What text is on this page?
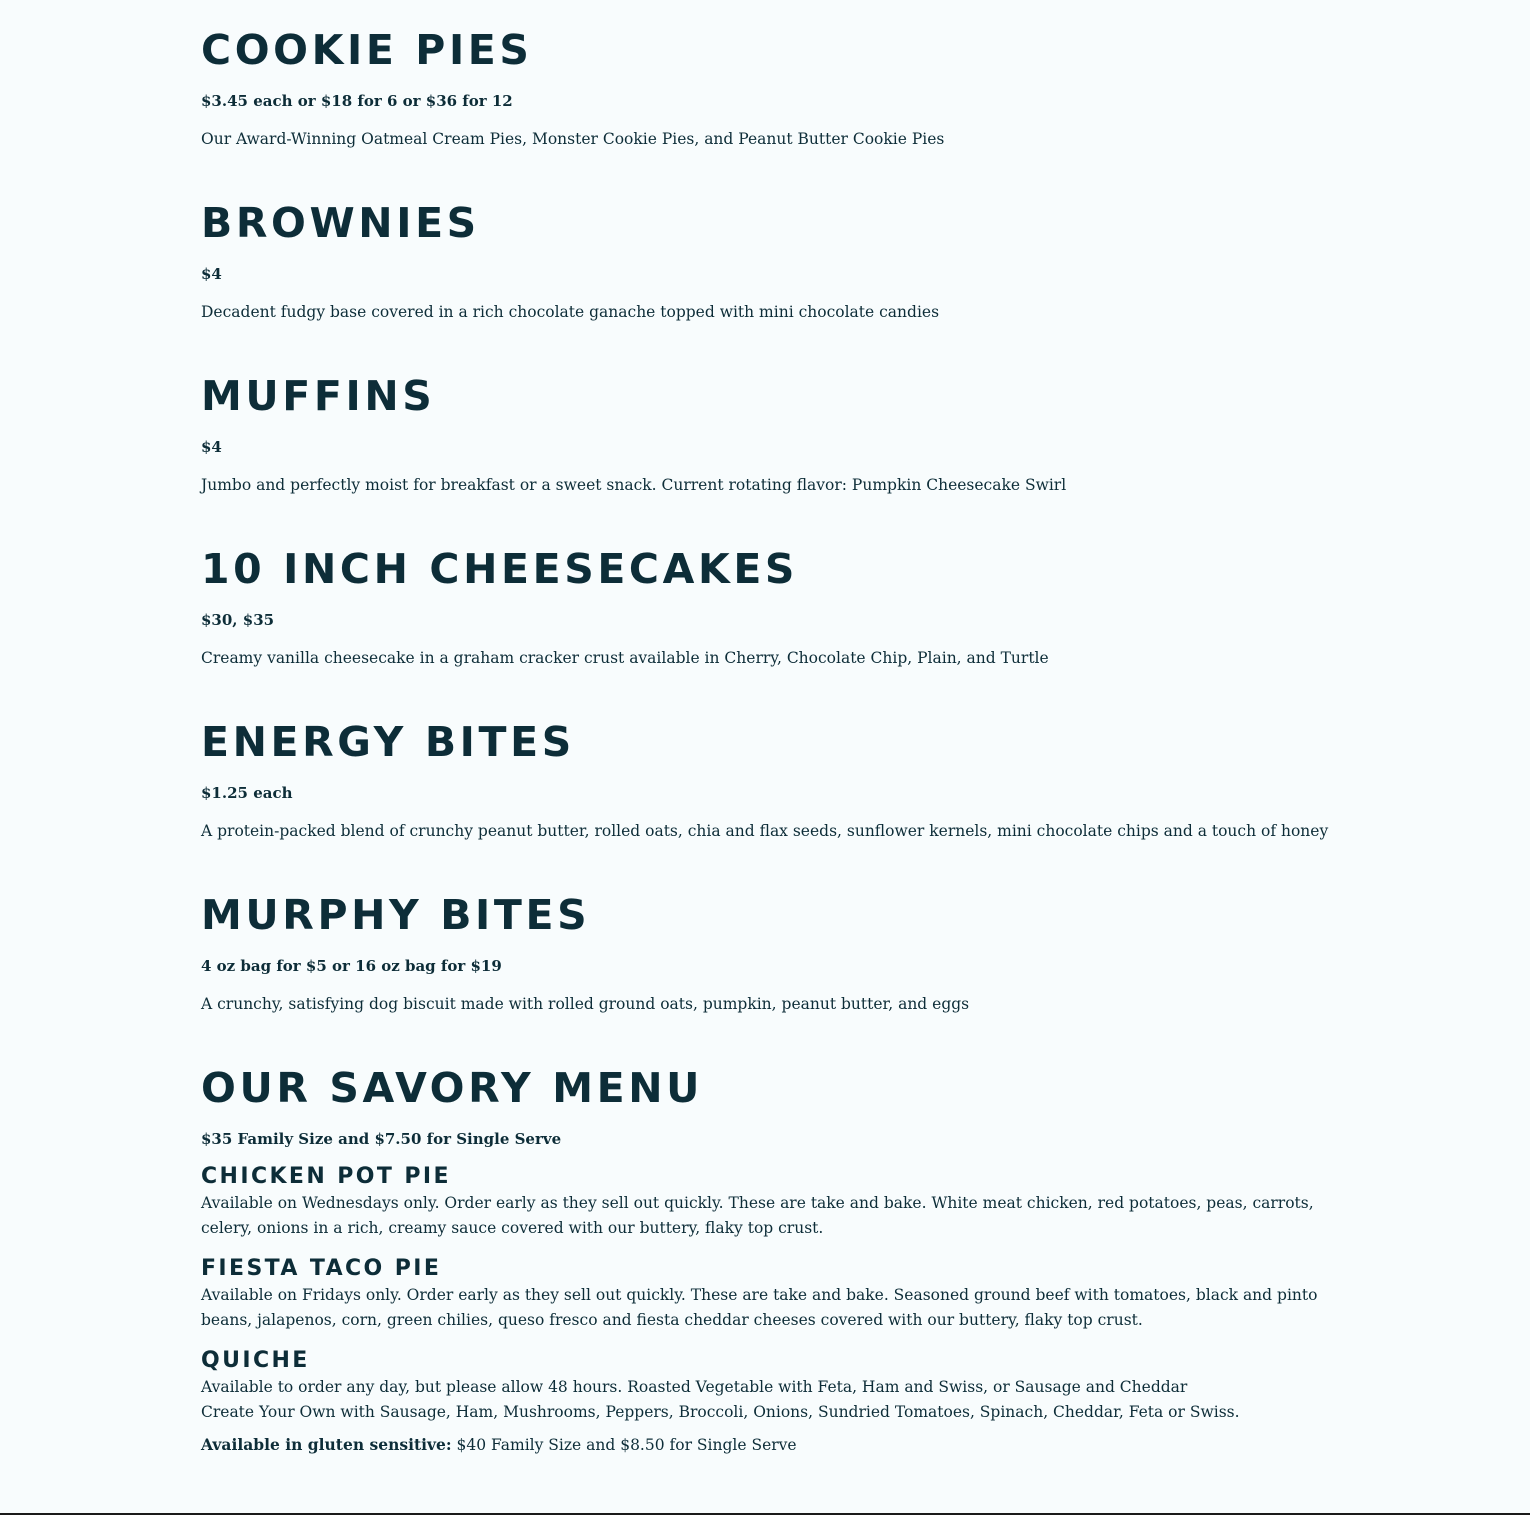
COOKIE PIES

$3.45 each or $18 for 6 or $36 for 12

Our Award-Winning Oatmeal Cream Pies, Monster Cookie Pies, and Peanut Butter Cookie Pies

BROWNIES

$4

Decadent fudgy base covered in a rich chocolate ganache topped with mini chocolate candies

MUFFINS

$4

Jumbo and perfectly moist for breakfast or a sweet snack. Current rotating flavor: Pumpkin Cheesecake Swirl

10 INCH CHEESECAKES

$30, $35

Creamy vanilla cheesecake in a graham cracker crust available in Cherry, Chocolate Chip, Plain, and Turtle

ENERGY BITES

$1.25 each

A protein-packed blend of crunchy peanut butter, rolled oats, chia and flax seeds, sunflower kernels, mini chocolate chips and a touch of honey

MURPHY BITES

4 oz bag for $5 or 16 oz bag for $19

A crunchy, satisfying dog biscuit made with rolled ground oats, pumpkin, peanut butter, and eggs

OUR SAVORY MENU

$35 Family Size and $7.50 for Single Serve

CHICKEN POT PIE

Available on Wednesdays only. Order early as they sell out quickly. These are take and bake. White meat chicken, red potatoes, peas, carrots,

celery, onions in a rich, creamy sauce covered with our buttery, flaky top crust.

FIESTA TACO PIE

Available on Fridays only. Order early as they sell out quickly. These are take and bake. Seasoned ground beef with tomatoes, black and pinto

beans, jalapenos, corn, green chilies, queso fresco and fiesta cheddar cheeses covered with our buttery, flaky top crust.

QUICHE

Available to order any day, but please allow 48 hours. Roasted Vegetable with Feta, Ham and Swiss, or Sausage and Cheddar

Create Your Own with Sausage, Ham, Mushrooms, Peppers, Broccoli, Onions, Sundried Tomatoes, Spinach, Cheddar, Feta or Swiss.

Available in gluten sensitive: $40 Family Size and $8.50 for Single Serve
